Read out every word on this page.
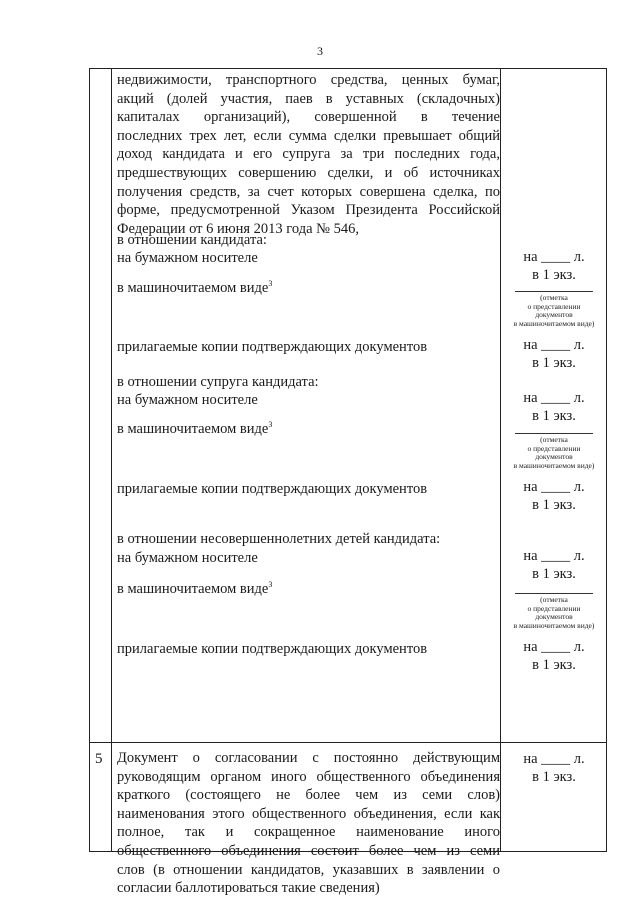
3
недвижимости, транспортного средства, ценных бумаг,
акций (долей участия, паев в уставных (складочных)
капиталах организаций), совершенной в течение
последних трех лет, если сумма сделки превышает общий
доход кандидата и его супруга за три последних года,
предшествующих совершению сделки, и об источниках
получения средств, за счет которых совершена сделка, по
форме, предусмотренной Указом Президента Российской
Федерации от 6 июня 2013 года № 546,
в отношении кандидата:
на бумажном носителе
в машиночитаемом виде$^3$
прилагаемые копии подтверждающих документов
на ____ л.
в 1 экз.
(отметка
о представлении
документов
в машиночитаемом виде)
на ____ л.
в 1 экз.
в отношении супруга кандидата:
на бумажном носителе
в машиночитаемом виде$^3$
прилагаемые копии подтверждающих документов
на ____ л.
в 1 экз.
(отметка
о представлении
документов
в машиночитаемом виде)
на ____ л.
в 1 экз.
в отношении несовершеннолетних детей кандидата:
на бумажном носителе
в машиночитаемом виде$^3$
прилагаемые копии подтверждающих документов
на ____ л.
в 1 экз.
(отметка
о представлении
документов
в машиночитаемом виде)
на ____ л.
в 1 экз.
5 Документ о согласовании с постоянно действующим
руководящим органом иного общественного объединения
краткого (состоящего не более чем из семи слов)
наименования этого общественного объединения, если как
полное, так и сокращенное наименование иного
общественного объединения состоит более чем из семи
слов (в отношении кандидатов, указавших в заявлении о
согласии баллотироваться такие сведения)
на ____ л.
в 1 экз.
